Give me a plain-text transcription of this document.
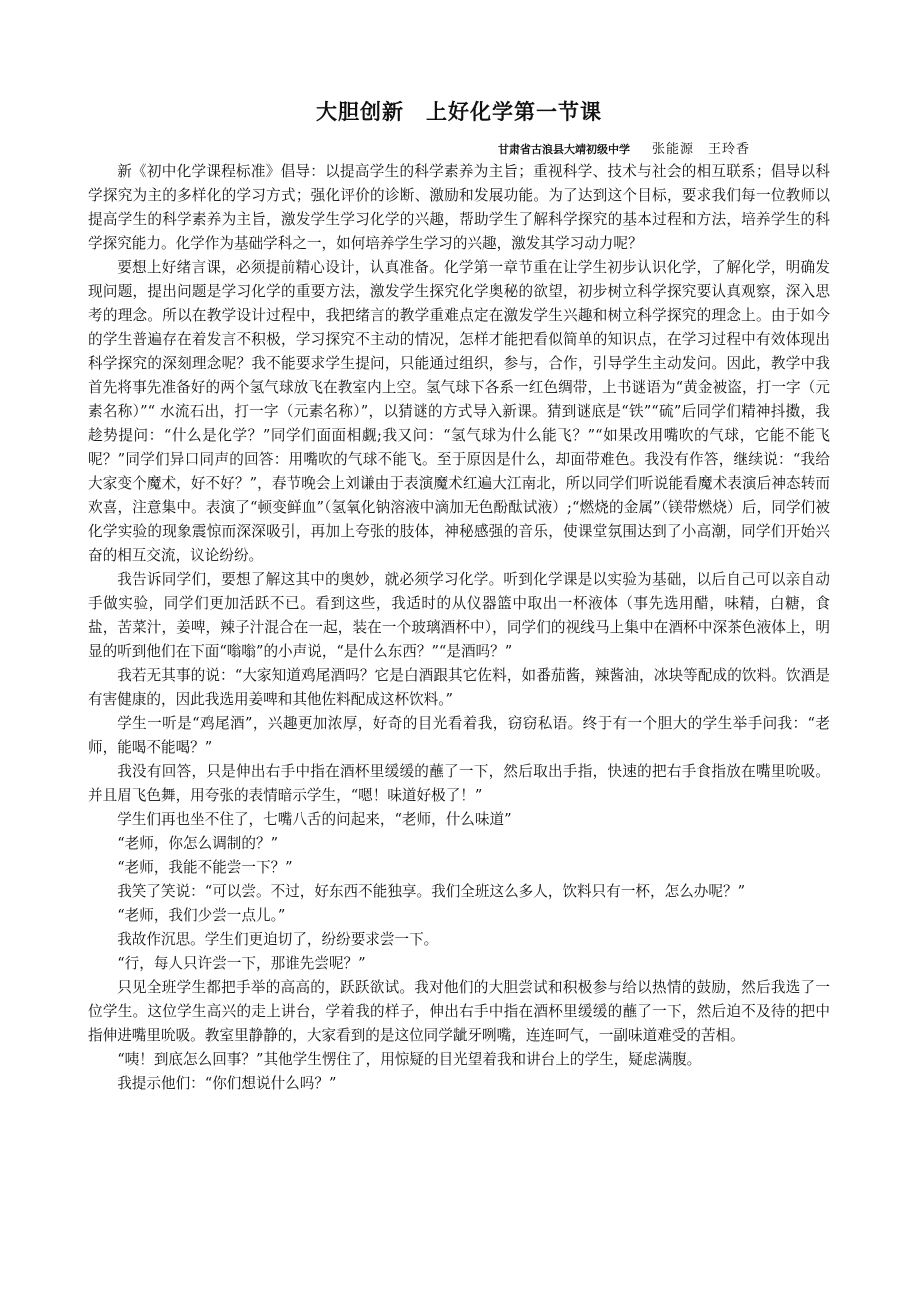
大胆创新　上好化学第一节课
甘肃省古浪县大靖初级中学 张能源　王玲香

新《初中化学课程标准》倡导：以提高学生的科学素养为主旨；重视科学、技术与社会的相互联系；倡导以科学探究为主的多样化的学习方式；强化评价的诊断、激励和发展功能。为了达到这个目标，要求我们每一位教师以提高学生的科学素养为主旨，激发学生学习化学的兴趣，帮助学生了解科学探究的基本过程和方法，培养学生的科学探究能力。化学作为基础学科之一，如何培养学生学习的兴趣，激发其学习动力呢？

要想上好绪言课，必须提前精心设计，认真准备。化学第一章节重在让学生初步认识化学，了解化学，明确发现问题，提出问题是学习化学的重要方法，激发学生探究化学奥秘的欲望，初步树立科学探究要认真观察，深入思考的理念。所以在教学设计过程中，我把绪言的教学重难点定在激发学生兴趣和树立科学探究的理念上。由于如今的学生普遍存在着发言不积极，学习探究不主动的情况，怎样才能把看似简单的知识点，在学习过程中有效体现出科学探究的深刻理念呢？我不能要求学生提问，只能通过组织，参与，合作，引导学生主动发问。因此，教学中我首先将事先准备好的两个氢气球放飞在教室内上空。氢气球下各系一红色绸带，上书谜语为“黄金被盗，打一字（元素名称）”“ 水流石出，打一字（元素名称）”，以猜谜的方式导入新课。猜到谜底是“铁”“硫”后同学们精神抖擞，我趁势提问：“什么是化学？”同学们面面相觑;我又问：“氢气球为什么能飞？”“如果改用嘴吹的气球，它能不能飞呢？”同学们异口同声的回答：用嘴吹的气球不能飞。至于原因是什么，却面带难色。我没有作答，继续说：“我给大家变个魔术，好不好？”，春节晚会上刘谦由于表演魔术红遍大江南北，所以同学们听说能看魔术表演后神态转而欢喜，注意集中。表演了“顿变鲜血”（氢氧化钠溶液中滴加无色酚酞试液）;“燃烧的金属”（镁带燃烧）后，同学们被化学实验的现象震惊而深深吸引，再加上夸张的肢体，神秘感强的音乐，使课堂氛围达到了小高潮，同学们开始兴奋的相互交流，议论纷纷。

我告诉同学们，要想了解这其中的奥妙，就必须学习化学。听到化学课是以实验为基础，以后自己可以亲自动手做实验，同学们更加活跃不已。看到这些，我适时的从仪器篮中取出一杯液体（事先选用醋，味精，白糖，食盐，苦菜汁，姜啤，辣子汁混合在一起，装在一个玻璃酒杯中），同学们的视线马上集中在酒杯中深茶色液体上，明显的听到他们在下面“嗡嗡”的小声说，“是什么东西？”“是酒吗？”

我若无其事的说：“大家知道鸡尾酒吗？它是白酒跟其它佐料，如番茄酱，辣酱油，冰块等配成的饮料。饮酒是有害健康的，因此我选用姜啤和其他佐料配成这杯饮料。”

学生一听是“鸡尾酒”，兴趣更加浓厚，好奇的目光看着我，窃窃私语。终于有一个胆大的学生举手问我：“老师，能喝不能喝？”

我没有回答，只是伸出右手中指在酒杯里缓缓的蘸了一下，然后取出手指，快速的把右手食指放在嘴里吮吸。并且眉飞色舞，用夸张的表情暗示学生，“嗯！味道好极了！”

学生们再也坐不住了，七嘴八舌的问起来，“老师，什么味道”

“老师，你怎么调制的？”

“老师，我能不能尝一下？”

我笑了笑说：“可以尝。不过，好东西不能独享。我们全班这么多人，饮料只有一杯，怎么办呢？”

“老师，我们少尝一点儿。”

我故作沉思。学生们更迫切了，纷纷要求尝一下。

“行，每人只许尝一下，那谁先尝呢？”

只见全班学生都把手举的高高的，跃跃欲试。我对他们的大胆尝试和积极参与给以热情的鼓励，然后我选了一位学生。这位学生高兴的走上讲台，学着我的样子，伸出右手中指在酒杯里缓缓的蘸了一下，然后迫不及待的把中指伸进嘴里吮吸。教室里静静的，大家看到的是这位同学龇牙咧嘴，连连呵气，一副味道难受的苦相。

“咦！到底怎么回事？”其他学生愣住了，用惊疑的目光望着我和讲台上的学生，疑虑满腹。

我提示他们：“你们想说什么吗？”
